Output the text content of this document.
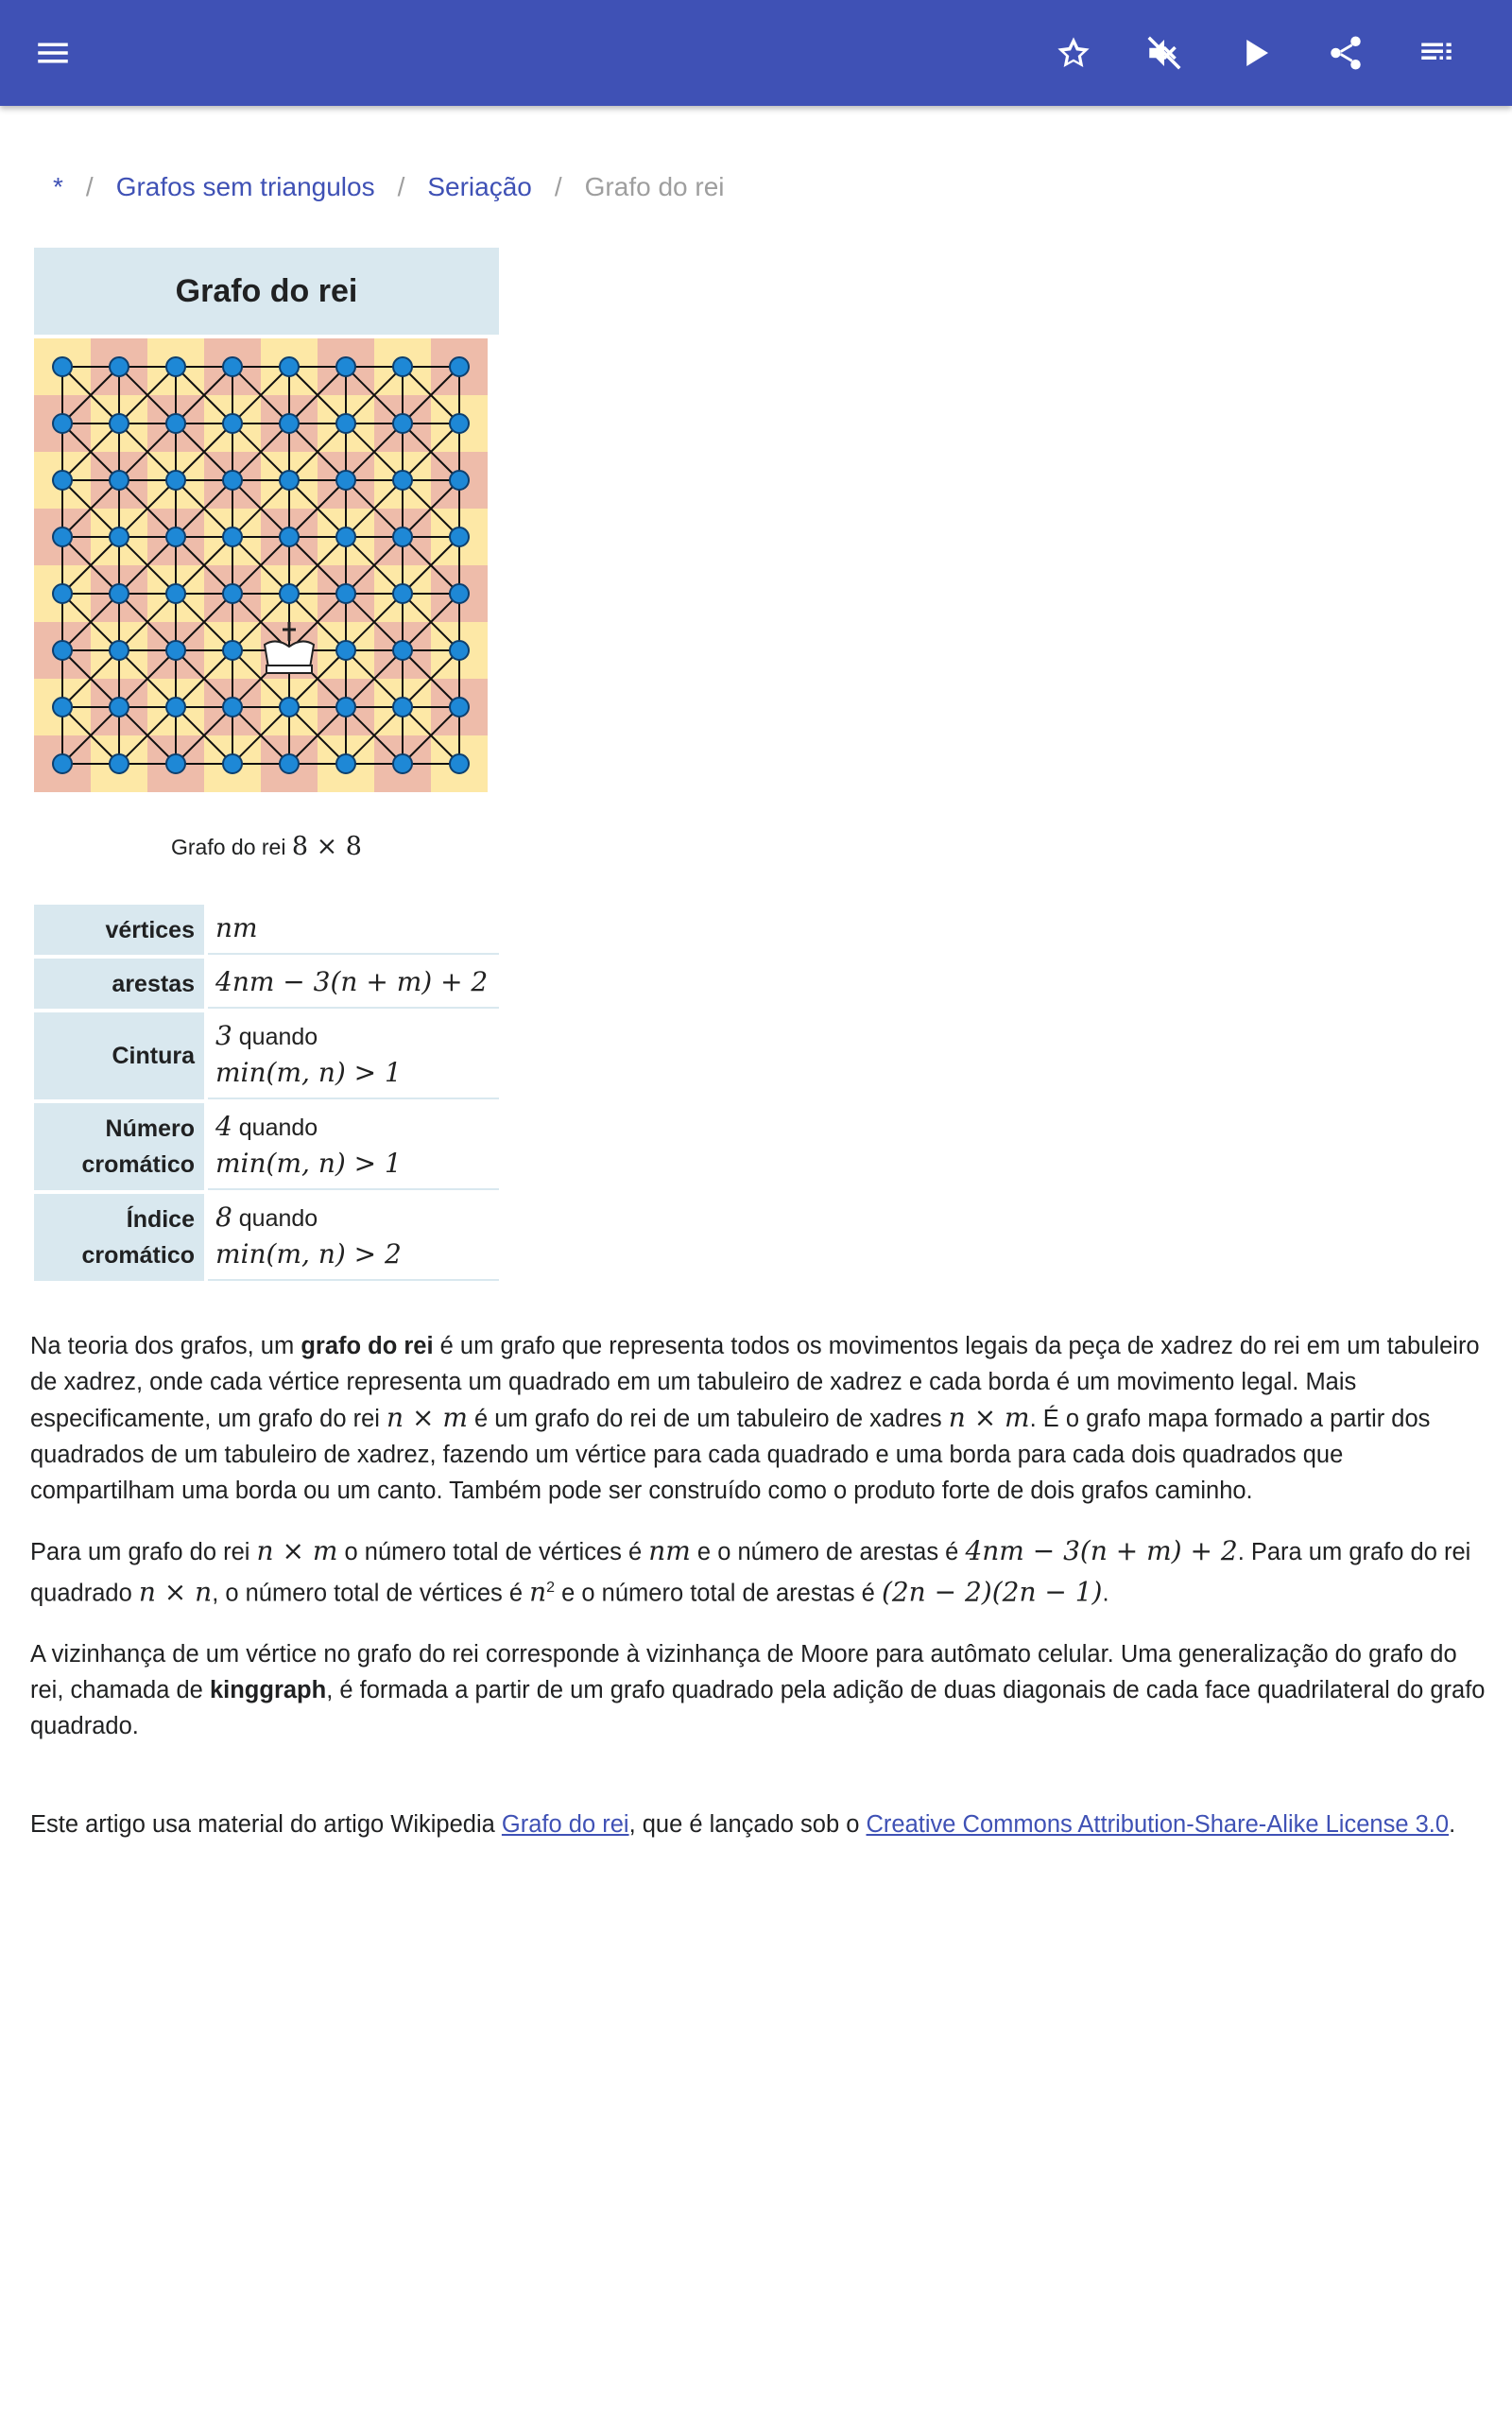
* / Grafos sem triangulos / Seriação / Grafo do rei
Grafo do rei
Grafo do rei 8 × 8
vértices	nm
arestas	4nm − 3(n + m) + 2
Cintura	3 quando
min(m, n) > 1
Número
cromático	4 quando
min(m, n) > 1
Índice
cromático	8 quando
min(m, n) > 2

Na teoria dos grafos, um grafo do rei é um grafo que representa todos os movimentos legais da peça de xadrez do rei em um tabuleiro de xadrez, onde cada vértice representa um quadrado em um tabuleiro de xadrez e cada borda é um movimento legal. Mais especificamente, um grafo do rei n × m é um grafo do rei de um tabuleiro de xadres n × m. É o grafo mapa formado a partir dos quadrados de um tabuleiro de xadrez, fazendo um vértice para cada quadrado e uma borda para cada dois quadrados que compartilham uma borda ou um canto. Também pode ser construído como o produto forte de dois grafos caminho.

Para um grafo do rei n × m o número total de vértices é nm e o número de arestas é 4nm − 3(n + m) + 2. Para um grafo do rei quadrado n × n, o número total de vértices é $n^2$ e o número total de arestas é (2n − 2)(2n − 1).

A vizinhança de um vértice no grafo do rei corresponde à vizinhança de Moore para autômato celular. Uma generalização do grafo do rei, chamada de kinggraph, é formada a partir de um grafo quadrado pela adição de duas diagonais de cada face quadrilateral do grafo quadrado.

Este artigo usa material do artigo Wikipedia Grafo do rei, que é lançado sob o Creative Commons Attribution-Share-Alike License 3.0.
